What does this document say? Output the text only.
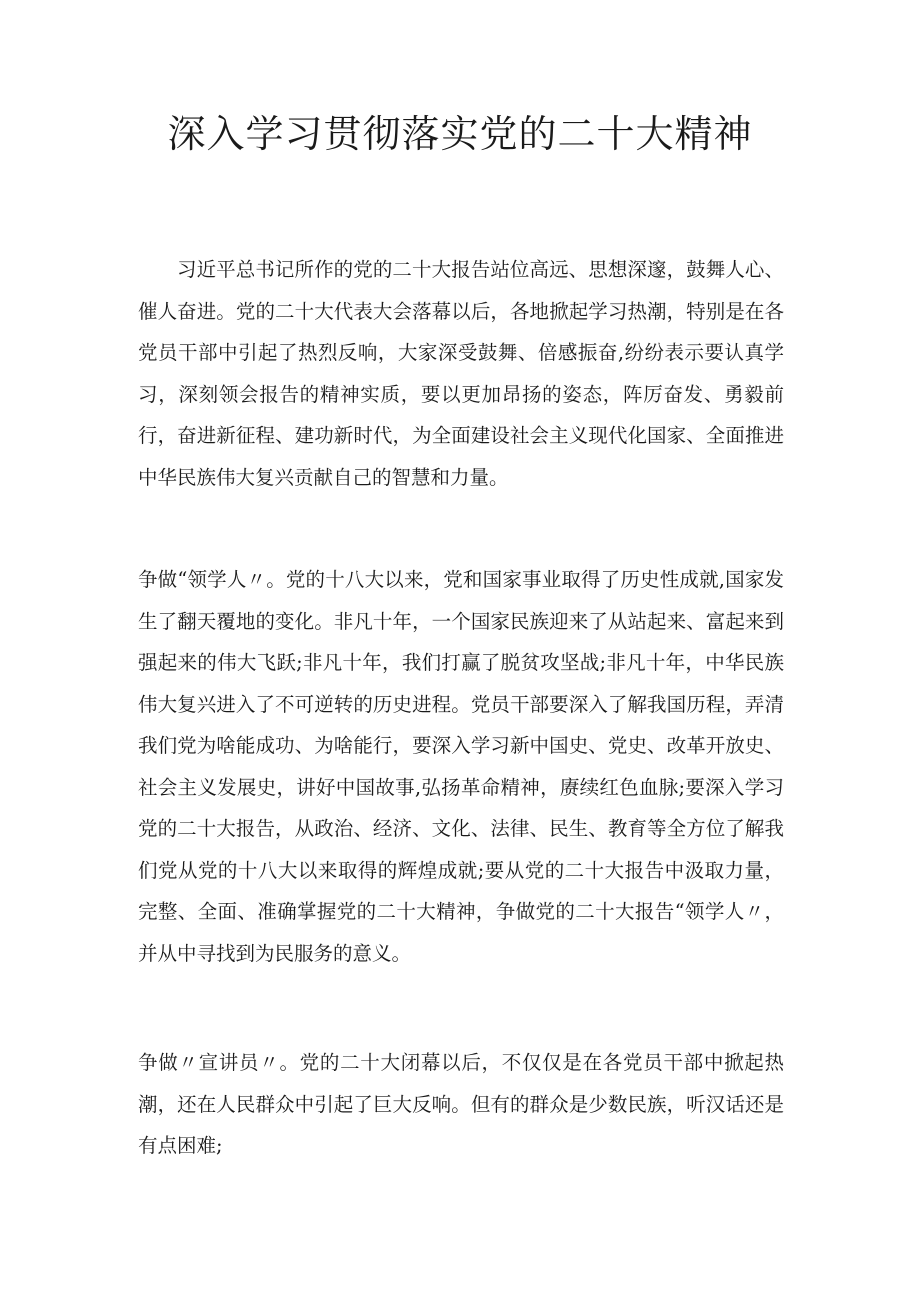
深入学习贯彻落实党的二十大精神

习近平总书记所作的党的二十大报告站位高远、思想深邃，鼓舞人心、催人奋进。党的二十大代表大会落幕以后，各地掀起学习热潮，特别是在各党员干部中引起了热烈反响，大家深受鼓舞、倍感振奋,纷纷表示要认真学习，深刻领会报告的精神实质，要以更加昂扬的姿态，阵厉奋发、勇毅前行，奋进新征程、建功新时代，为全面建设社会主义现代化国家、全面推进中华民族伟大复兴贡献自己的智慧和力量。

争做“领学人〃。党的十八大以来，党和国家事业取得了历史性成就,国家发生了翻天覆地的变化。非凡十年，一个国家民族迎来了从站起来、富起来到强起来的伟大飞跃;非凡十年，我们打赢了脱贫攻坚战;非凡十年，中华民族伟大复兴进入了不可逆转的历史进程。党员干部要深入了解我国历程，弄清我们党为啥能成功、为啥能行，要深入学习新中国史、党史、改革开放史、社会主义发展史，讲好中国故事,弘扬革命精神，赓续红色血脉;要深入学习党的二十大报告，从政治、经济、文化、法律、民生、教育等全方位了解我们党从党的十八大以来取得的辉煌成就;要从党的二十大报告中汲取力量，完整、全面、准确掌握党的二十大精神，争做党的二十大报告“领学人〃，并从中寻找到为民服务的意义。

争做〃宣讲员〃。党的二十大闭幕以后，不仅仅是在各党员干部中掀起热潮，还在人民群众中引起了巨大反响。但有的群众是少数民族，听汉话还是有点困难;
